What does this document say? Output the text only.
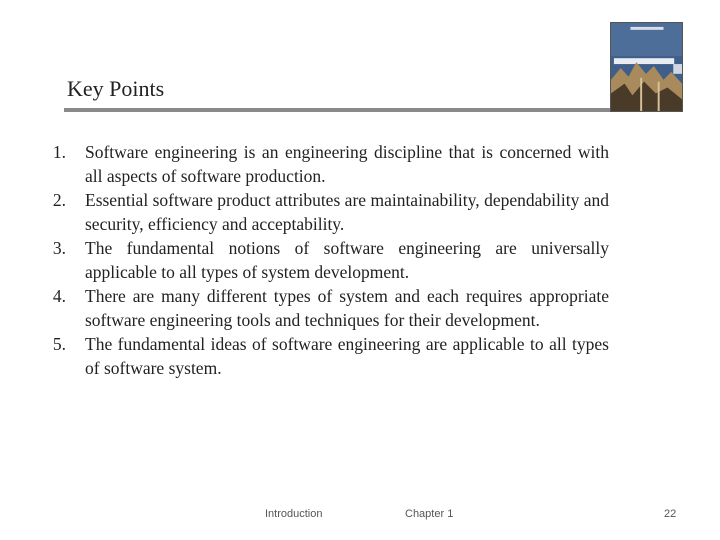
Key Points
1. Software engineering is an engineering discipline that is concerned with all aspects of software production.
2. Essential software product attributes are maintainability, dependability and security, efficiency and acceptability.
3. The fundamental notions of software engineering are universally applicable to all types of system development.
4. There are many different types of system and each requires appropriate software engineering tools and techniques for their development.
5. The fundamental ideas of software engineering are applicable to all types of software system.
Introduction	Chapter 1	22
